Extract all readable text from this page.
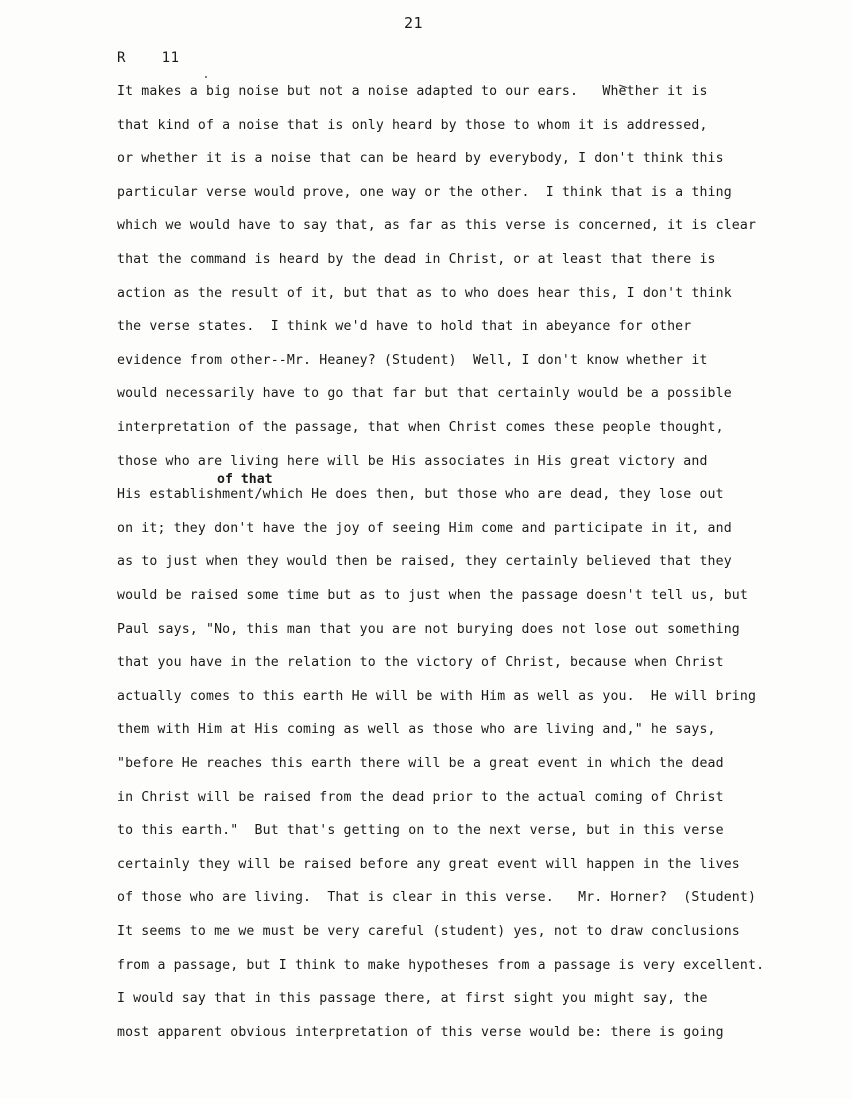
21
R    11
of that
It makes a big noise but not a noise adapted to our ears.   Whether it is
that kind of a noise that is only heard by those to whom it is addressed,
or whether it is a noise that can be heard by everybody, I don't think this
particular verse would prove, one way or the other.  I think that is a thing
which we would have to say that, as far as this verse is concerned, it is clear
that the command is heard by the dead in Christ, or at least that there is
action as the result of it, but that as to who does hear this, I don't think
the verse states.  I think we'd have to hold that in abeyance for other
evidence from other--Mr. Heaney? (Student)  Well, I don't know whether it
would necessarily have to go that far but that certainly would be a possible
interpretation of the passage, that when Christ comes these people thought,
those who are living here will be His associates in His great victory and
His establishment/which He does then, but those who are dead, they lose out
on it; they don't have the joy of seeing Him come and participate in it, and
as to just when they would then be raised, they certainly believed that they
would be raised some time but as to just when the passage doesn't tell us, but
Paul says, "No, this man that you are not burying does not lose out something
that you have in the relation to the victory of Christ, because when Christ
actually comes to this earth He will be with Him as well as you.  He will bring
them with Him at His coming as well as those who are living and," he says,
"before He reaches this earth there will be a great event in which the dead
in Christ will be raised from the dead prior to the actual coming of Christ
to this earth."  But that's getting on to the next verse, but in this verse
certainly they will be raised before any great event will happen in the lives
of those who are living.  That is clear in this verse.   Mr. Horner?  (Student)
It seems to me we must be very careful (student) yes, not to draw conclusions
from a passage, but I think to make hypotheses from a passage is very excellent.
I would say that in this passage there, at first sight you might say, the
most apparent obvious interpretation of this verse would be: there is going
